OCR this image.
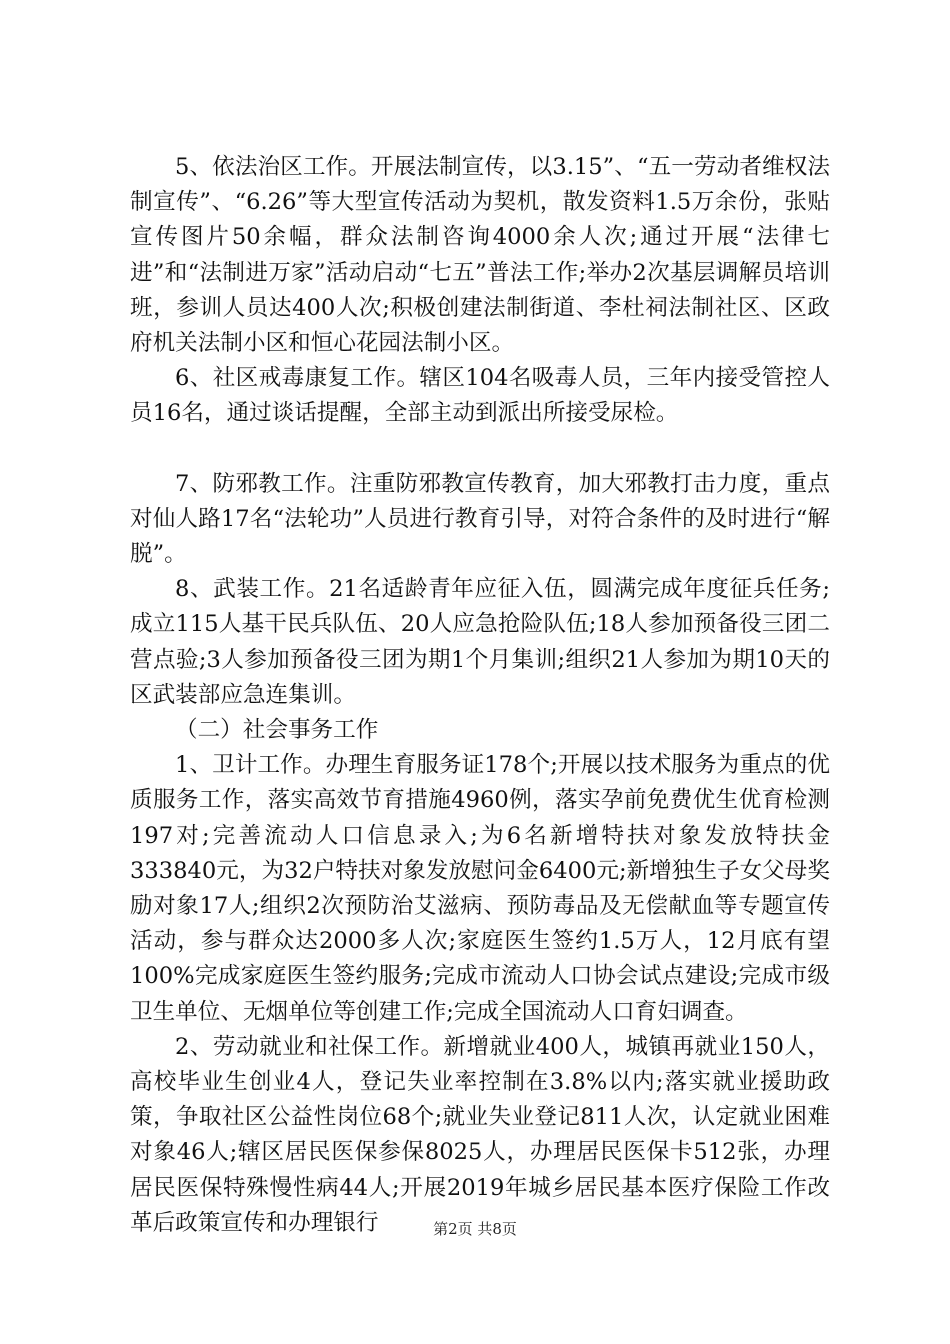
5、依法治区工作。开展法制宣传，以3.15”、“五一劳动者维权法制宣传”、“6.26”等大型宣传活动为契机，散发资料1.5万余份，张贴宣传图片50余幅，群众法制咨询4000余人次;通过开展“法律七进”和“法制进万家”活动启动“七五”普法工作;举办2次基层调解员培训班，参训人员达400人次;积极创建法制街道、李杜祠法制社区、区政府机关法制小区和恒心花园法制小区。

6、社区戒毒康复工作。辖区104名吸毒人员，三年内接受管控人员16名，通过谈话提醒，全部主动到派出所接受尿检。

7、防邪教工作。注重防邪教宣传教育，加大邪教打击力度，重点对仙人路17名“法轮功”人员进行教育引导，对符合条件的及时进行“解脱”。

8、武装工作。21名适龄青年应征入伍，圆满完成年度征兵任务;成立115人基干民兵队伍、20人应急抢险队伍;18人参加预备役三团二营点验;3人参加预备役三团为期1个月集训;组织21人参加为期10天的区武装部应急连集训。

（二）社会事务工作

1、卫计工作。办理生育服务证178个;开展以技术服务为重点的优质服务工作，落实高效节育措施4960例，落实孕前免费优生优育检测197对;完善流动人口信息录入;为6名新增特扶对象发放特扶金333840元，为32户特扶对象发放慰问金6400元;新增独生子女父母奖励对象17人;组织2次预防治艾滋病、预防毒品及无偿献血等专题宣传活动，参与群众达2000多人次;家庭医生签约1.5万人，12月底有望100%完成家庭医生签约服务;完成市流动人口协会试点建设;完成市级卫生单位、无烟单位等创建工作;完成全国流动人口育妇调查。

2、劳动就业和社保工作。新增就业400人，城镇再就业150人，高校毕业生创业4人，登记失业率控制在3.8%以内;落实就业援助政策，争取社区公益性岗位68个;就业失业登记811人次，认定就业困难对象46人;辖区居民医保参保8025人，办理居民医保卡512张，办理居民医保特殊慢性病44人;开展2019年城乡居民基本医疗保险工作改革后政策宣传和办理银行	第2页 共8页
